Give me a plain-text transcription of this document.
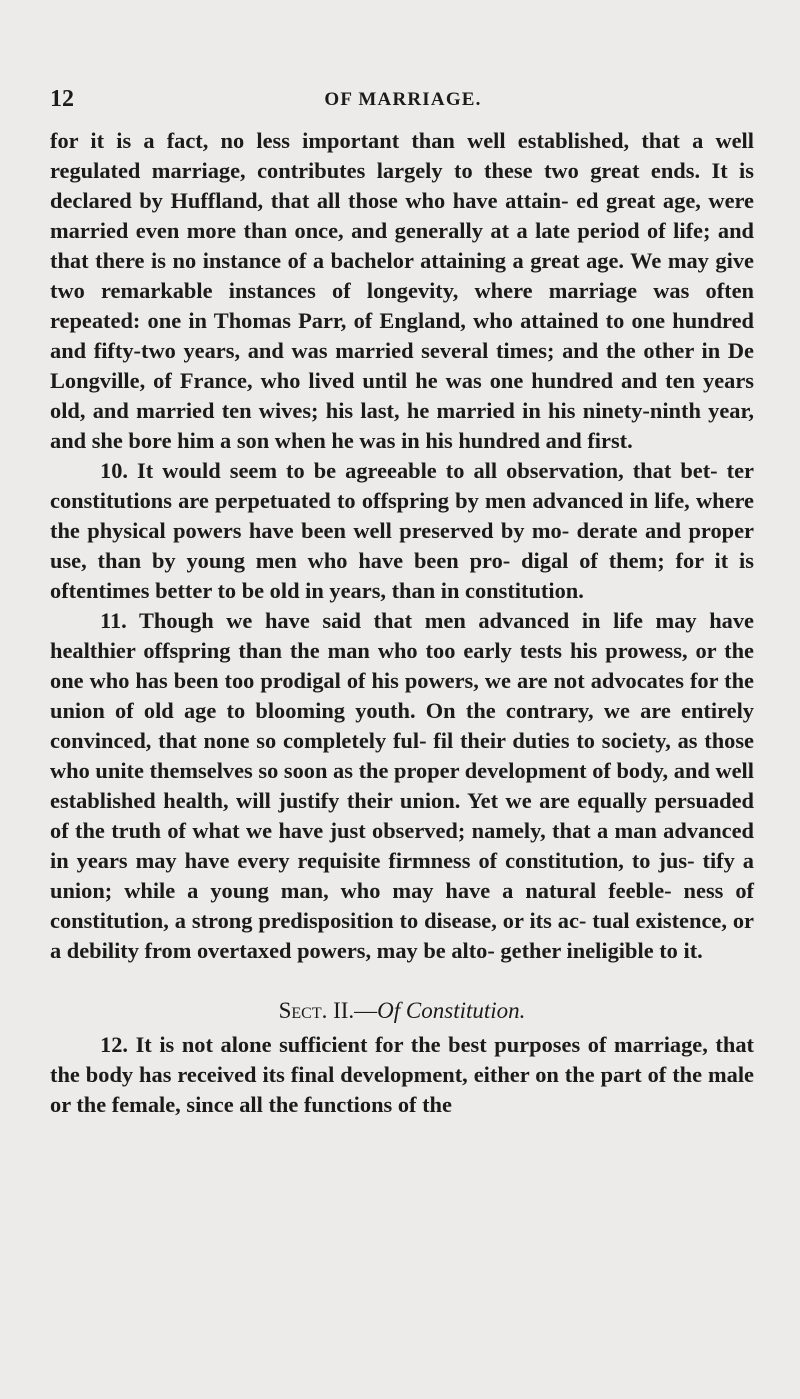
12	OF MARRIAGE.

for it is a fact, no less important than well established, that a well regulated marriage, contributes largely to these two great ends. It is declared by Huffland, that all those who have attain- ed great age, were married even more than once, and generally at a late period of life; and that there is no instance of a bachelor attaining a great age. We may give two remarkable instances of longevity, where marriage was often repeated: one in Thomas Parr, of England, who attained to one hundred and fifty-two years, and was married several times; and the other in De Longville, of France, who lived until he was one hundred and ten years old, and married ten wives; his last, he married in his ninety-ninth year, and she bore him a son when he was in his hundred and first.

10. It would seem to be agreeable to all observation, that bet- ter constitutions are perpetuated to offspring by men advanced in life, where the physical powers have been well preserved by mo- derate and proper use, than by young men who have been pro- digal of them; for it is oftentimes better to be old in years, than in constitution.

11. Though we have said that men advanced in life may have healthier offspring than the man who too early tests his prowess, or the one who has been too prodigal of his powers, we are not advocates for the union of old age to blooming youth. On the contrary, we are entirely convinced, that none so completely ful- fil their duties to society, as those who unite themselves so soon as the proper development of body, and well established health, will justify their union. Yet we are equally persuaded of the truth of what we have just observed; namely, that a man advanced in years may have every requisite firmness of constitution, to jus- tify a union; while a young man, who may have a natural feeble- ness of constitution, a strong predisposition to disease, or its ac- tual existence, or a debility from overtaxed powers, may be alto- gether ineligible to it.

Sect. II.—Of Constitution.

12. It is not alone sufficient for the best purposes of marriage, that the body has received its final development, either on the part of the male or the female, since all the functions of the
